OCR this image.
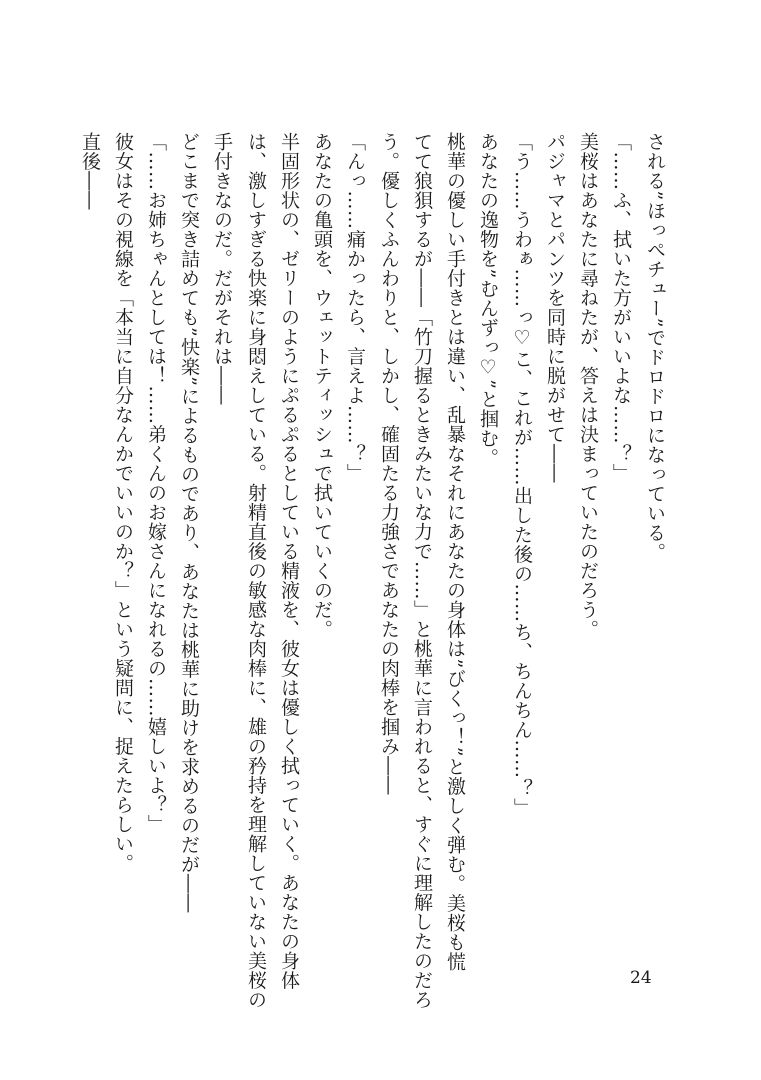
される”ほっぺチュー”でドロドロになっている。
「……ふ、拭いた方がいいよな……？」
美桜はあなたに尋ねたが、答えは決まっていたのだろう。
パジャマとパンツを同時に脱がせて――
「う……うわぁ……っ♡こ、これが……出した後の……ち、ちんちん……？」
あなたの逸物を”むんずっ♡”と掴む。
桃華の優しい手付きとは違い、乱暴なそれにあなたの身体は”びくっ！”と激しく弾む。美桜も慌
てて狼狽するが――「竹刀握るときみたいな力で……」と桃華に言われると、すぐに理解したのだろ
う。優しくふんわりと、しかし、確固たる力強さであなたの肉棒を掴み――
「んっ……痛かったら、言えよ……？」
あなたの亀頭を、ウェットティッシュで拭いていくのだ。
半固形状の、ゼリーのようにぷるぷるとしている精液を、彼女は優しく拭っていく。あなたの身体
は、激しすぎる快楽に身悶えしている。射精直後の敏感な肉棒に、雄の矜持を理解していない美桜の
手付きなのだ。だがそれは――
どこまで突き詰めても”快楽”によるものであり、あなたは桃華に助けを求めるのだが――
「……お姉ちゃんとしては！……弟くんのお嫁さんになれるの……嬉しいよ？」
彼女はその視線を「本当に自分なんかでいいのか？」という疑問に、捉えたらしい。
直後――
24
